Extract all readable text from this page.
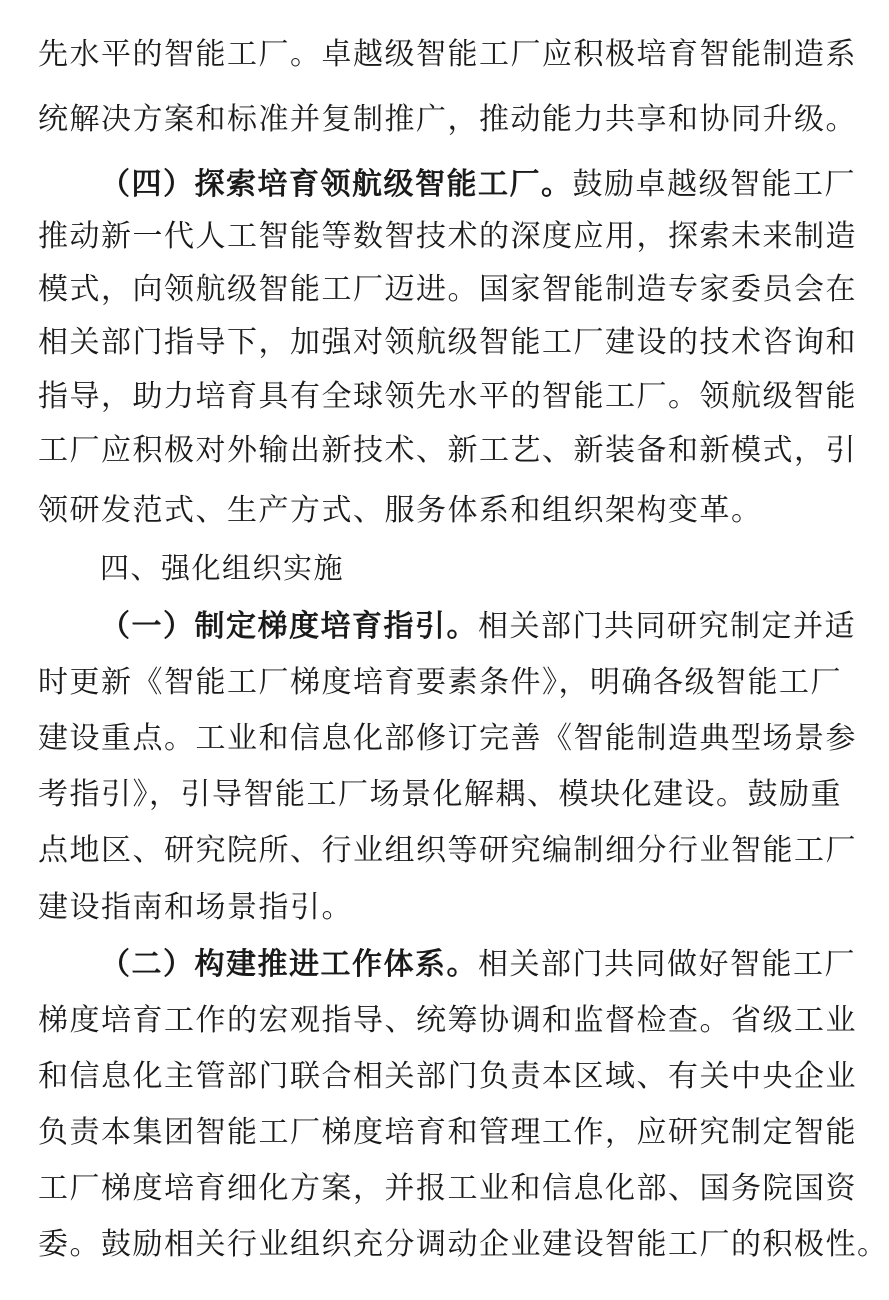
先水平的智能工厂。卓越级智能工厂应积极培育智能制造系
统解决方案和标准并复制推广，推动能力共享和协同升级。
（四）探索培育领航级智能工厂。鼓励卓越级智能工厂
推动新一代人工智能等数智技术的深度应用，探索未来制造
模式，向领航级智能工厂迈进。国家智能制造专家委员会在
相关部门指导下，加强对领航级智能工厂建设的技术咨询和
指导，助力培育具有全球领先水平的智能工厂。领航级智能
工厂应积极对外输出新技术、新工艺、新装备和新模式，引
领研发范式、生产方式、服务体系和组织架构变革。
四、强化组织实施
（一）制定梯度培育指引。相关部门共同研究制定并适
时更新《智能工厂梯度培育要素条件》，明确各级智能工厂
建设重点。工业和信息化部修订完善《智能制造典型场景参
考指引》，引导智能工厂场景化解耦、模块化建设。鼓励重
点地区、研究院所、行业组织等研究编制细分行业智能工厂
建设指南和场景指引。
（二）构建推进工作体系。相关部门共同做好智能工厂
梯度培育工作的宏观指导、统筹协调和监督检查。省级工业
和信息化主管部门联合相关部门负责本区域、有关中央企业
负责本集团智能工厂梯度培育和管理工作，应研究制定智能
工厂梯度培育细化方案，并报工业和信息化部、国务院国资
委。鼓励相关行业组织充分调动企业建设智能工厂的积极性。
